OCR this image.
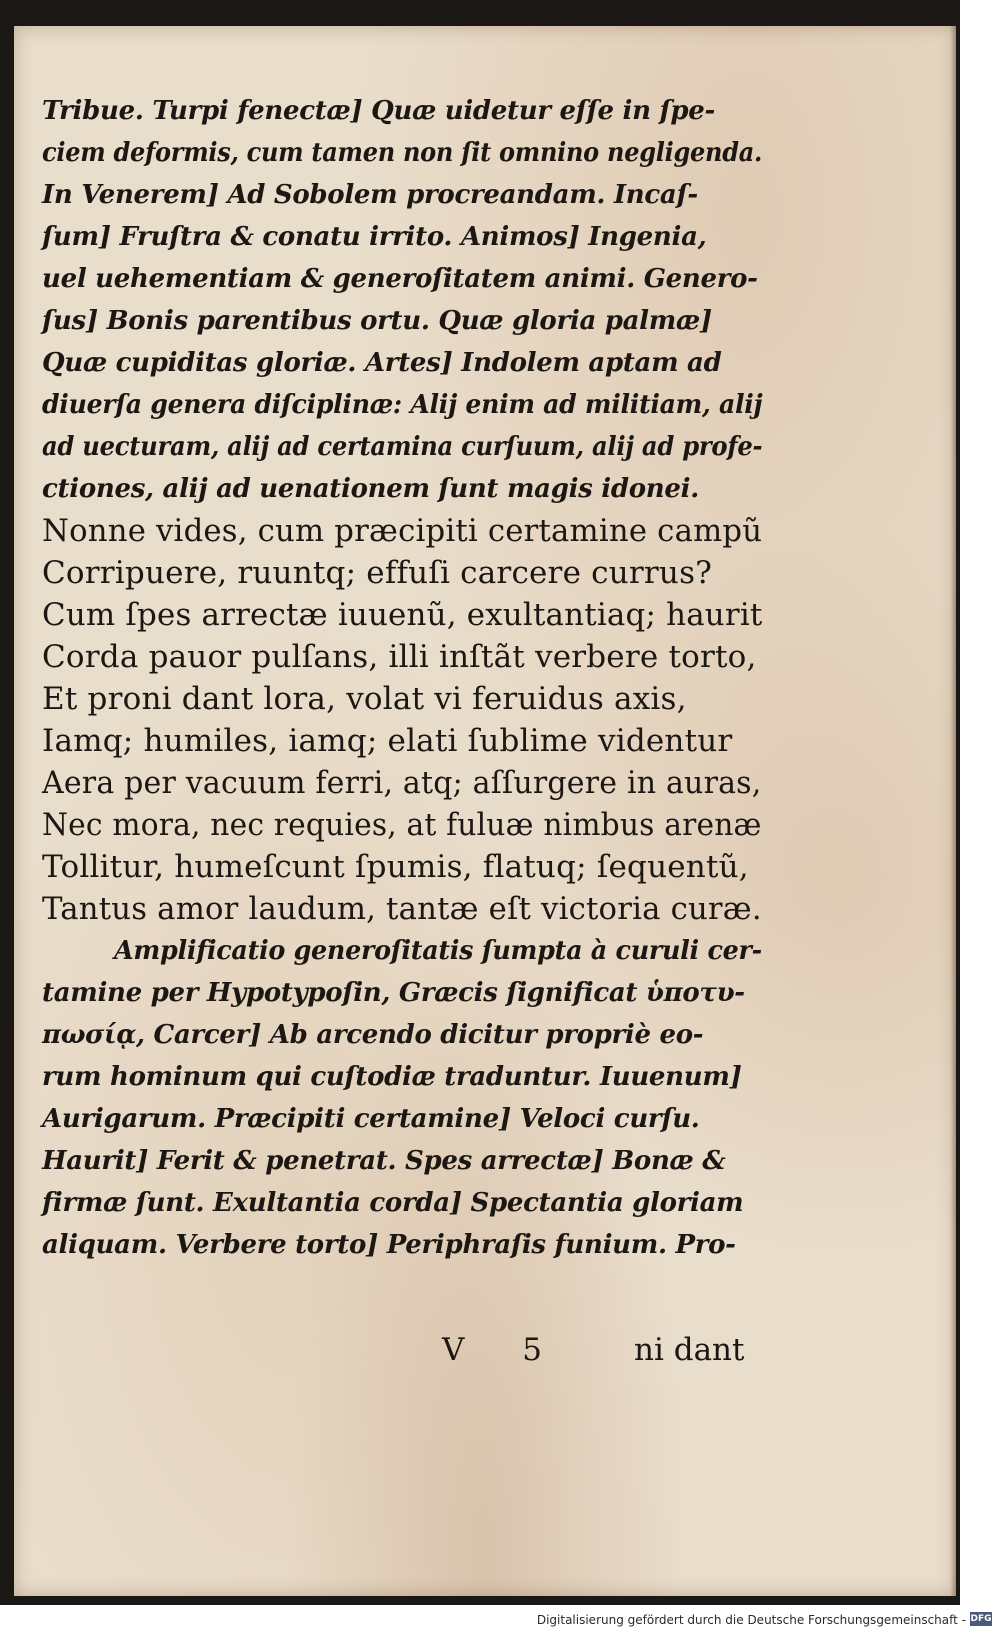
Tribue. Turpi fenectæ] Quæ uidetur eſſe in ſpe-
ciem deformis, cum tamen non ſit omnino negligenda.
In Venerem] Ad Sobolem procreandam. Incaſ-
ſum] Fruſtra & conatu irrito. Animos] Ingenia,
uel uehementiam & generoſitatem animi. Genero-
ſus] Bonis parentibus ortu. Quæ gloria palmæ]
Quæ cupiditas gloriæ. Artes] Indolem aptam ad
diuerſa genera diſciplinæ: Alij enim ad militiam, alij
ad uecturam, alij ad certamina curſuum, alij ad profe-
ctiones, alij ad uenationem ſunt magis idonei.
Nonne vides, cum præcipiti certamine campũ
Corripuere, ruuntq; effuſi carcere currus?
Cum ſpes arrectæ iuuenũ, exultantiaq; haurit
Corda pauor pulſans, illi inſtãt verbere torto,
Et proni dant lora, volat vi feruidus axis,
Iamq; humiles, iamq; elati ſublime videntur
Aera per vacuum ferri, atq; aſſurgere in auras,
Nec mora, nec requies, at fuluæ nimbus arenæ
Tollitur, humeſcunt ſpumis, flatuq; ſequentũ,
Tantus amor laudum, tantæ eſt victoria curæ.
Amplificatio generoſitatis ſumpta à curuli cer-
tamine per Hypotypoſin, Græcis ſignificat ὑποτυ-
πωσίᾳ, Carcer] Ab arcendo dicitur propriè eo-
rum hominum qui cuſtodiæ traduntur. Iuuenum]
Aurigarum. Præcipiti certamine] Veloci curſu.
Haurit] Ferit & penetrat. Spes arrectæ] Bonæ &
firmæ ſunt. Exultantia corda] Spectantia gloriam
aliquam. Verbere torto] Periphraſis funium. Pro-
V 5 ni dant
Digitalisierung gefördert durch die Deutsche Forschungsgemeinschaft - DFG
